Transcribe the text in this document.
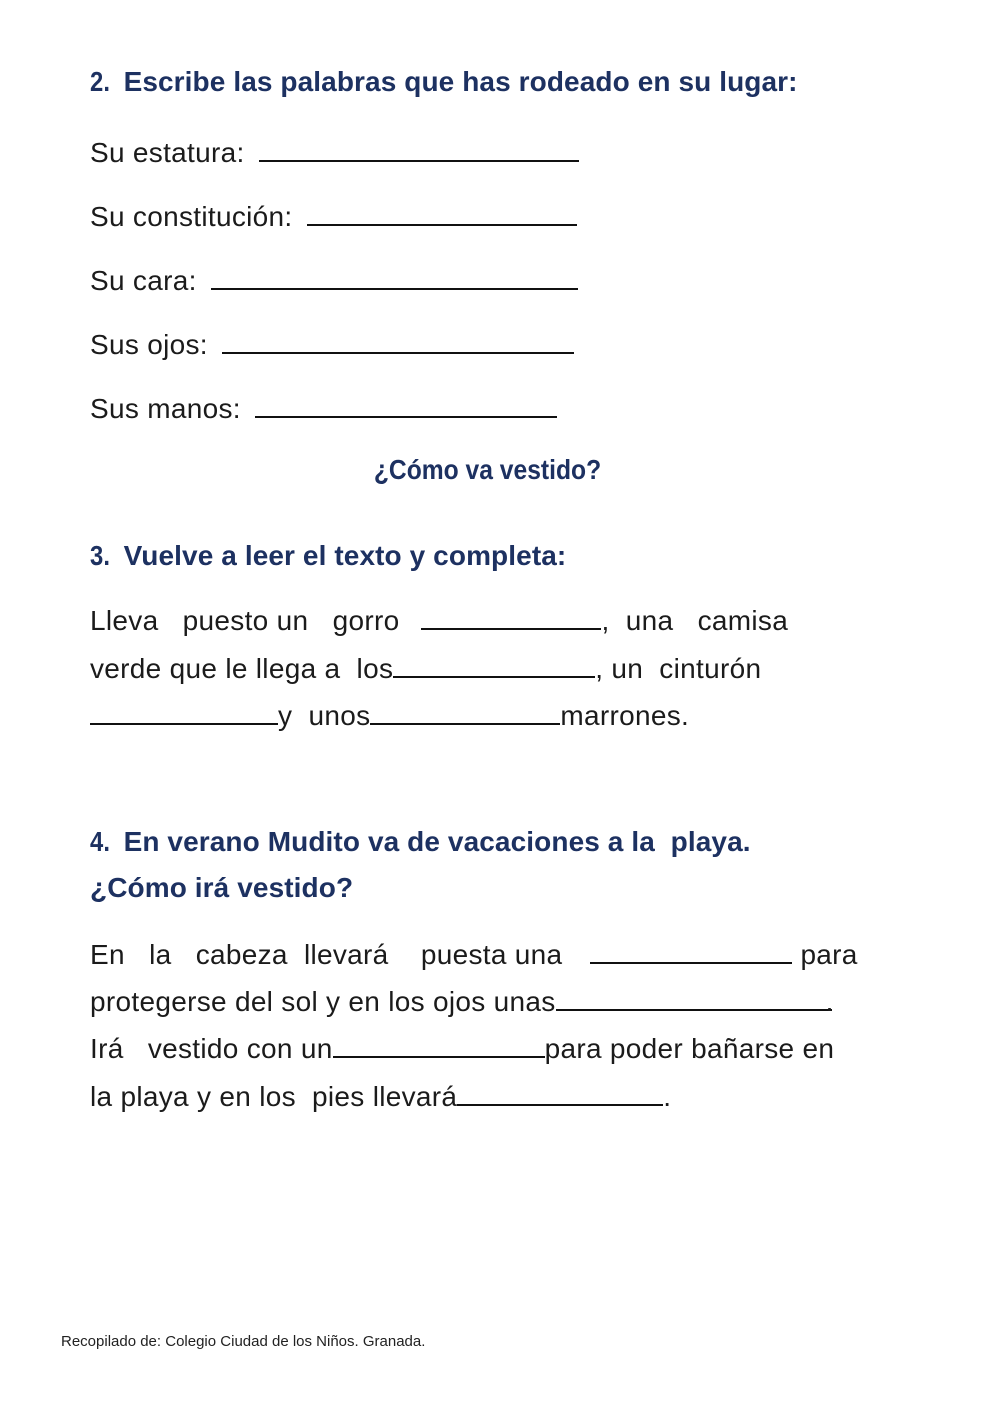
2. Escribe las palabras que has rodeado en su lugar:
Su estatura:
Su constitución:
Su cara:
Sus ojos:
Sus manos:
¿Cómo va vestido?
3. Vuelve a leer el texto y completa:
Lleva   puesto un   gorro	,  una   camisa
verde que le llega a  los	, un  cinturón
y  unos	marrones.
4. En verano Mudito va de vacaciones a la  playa.
¿Cómo irá vestido?
En   la   cabeza  llevará    puesta una	para
protegerse del sol y en los ojos unas	.
Irá   vestido con un	para poder bañarse en
la playa y en los  pies llevará	.
Recopilado de: Colegio Ciudad de los Niños. Granada.
